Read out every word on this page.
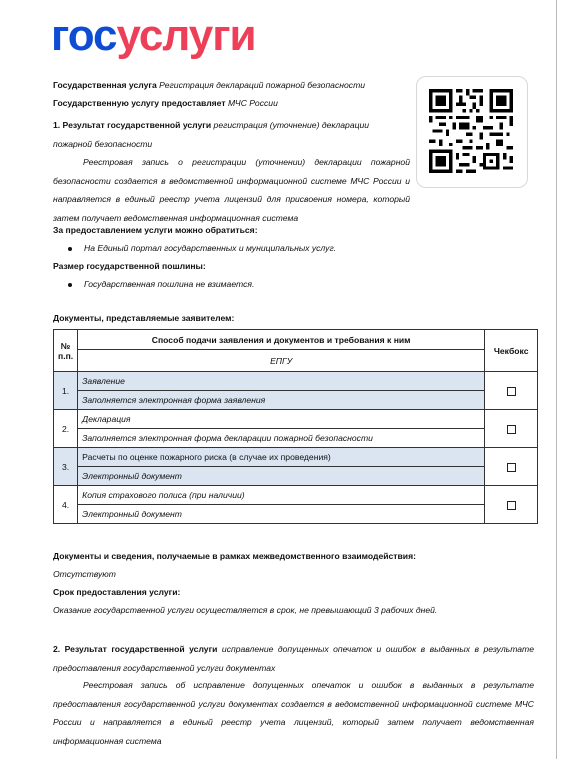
госуслуги

Государственная услуга Регистрация деклараций пожарной безопасности

Государственную услугу предоставляет МЧС России

1. Результат государственной услуги регистрация (уточнение) декларации пожарной безопасности

Реестровая запись о регистрации (уточнении) декларации пожарной безопасности создается в ведомственной информационной системе МЧС России и направляется в единый реестр учета лицензий для присвоения номера, который затем получает ведомственная информационная система

За предоставлением услуги можно обратиться:

На Единый портал государственных и муниципальных услуг.

Размер государственной пошлины:

Государственная пошлина не взимается.

Документы, представляемые заявителем:

№ п.п.	Способ подачи заявления и документов и требования к ним	Чекбокс
	ЕПГУ	
1.	Заявление	
	Заполняется электронная форма заявления	
2.	Декларация	
	Заполняется электронная форма декларации пожарной безопасности	
3.	Расчеты по оценке пожарного риска (в случае их проведения)	
	Электронный документ	
4.	Копия страхового полиса (при наличии)	
	Электронный документ	

Документы и сведения, получаемые в рамках межведомственного взаимодействия:

Отсутствуют

Срок предоставления услуги:

Оказание государственной услуги осуществляется в срок, не превышающий 3 рабочих дней.

2. Результат государственной услуги исправление допущенных опечаток и ошибок в выданных в результате предоставления государственной услуги документах

Реестровая запись об исправление допущенных опечаток и ошибок в выданных в результате предоставления государственной услуги документах создается в ведомственной информационной системе МЧС России и направляется в единый реестр учета лицензий, который затем получает ведомственная информационная система
